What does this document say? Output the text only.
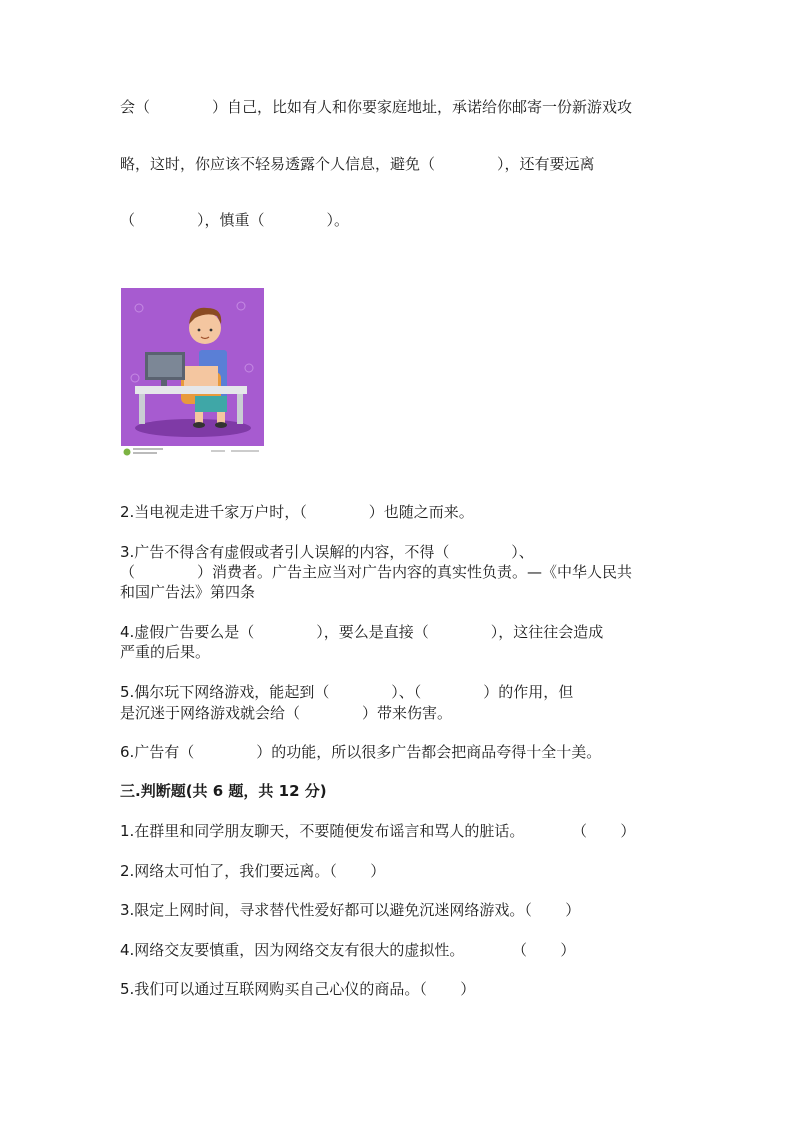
会（             ）自己，比如有人和你要家庭地址，承诺给你邮寄一份新游戏攻
略，这时，你应该不轻易透露个人信息，避免（             ），还有要远离
（             ），慎重（             ）。
2.当电视走进千家万户时，（             ）也随之而来。
3.广告不得含有虚假或者引人误解的内容，不得（             ）、
（             ）消费者。广告主应当对广告内容的真实性负责。—《中华人民共
和国广告法》第四条
4.虚假广告要么是（             ），要么是直接（             ），这往往会造成
严重的后果。
5.偶尔玩下网络游戏，能起到（             ）、（             ）的作用，但
是沉迷于网络游戏就会给（             ）带来伤害。
6.广告有（             ）的功能，所以很多广告都会把商品夸得十全十美。
三.判断题(共 6 题，共 12 分)
1.在群里和同学朋友聊天，不要随便发布谣言和骂人的脏话。          （       ）
2.网络太可怕了，我们要远离。（       ）
3.限定上网时间，寻求替代性爱好都可以避免沉迷网络游戏。（       ）
4.网络交友要慎重，因为网络交友有很大的虚拟性。          （       ）
5.我们可以通过互联网购买自己心仪的商品。（       ）
